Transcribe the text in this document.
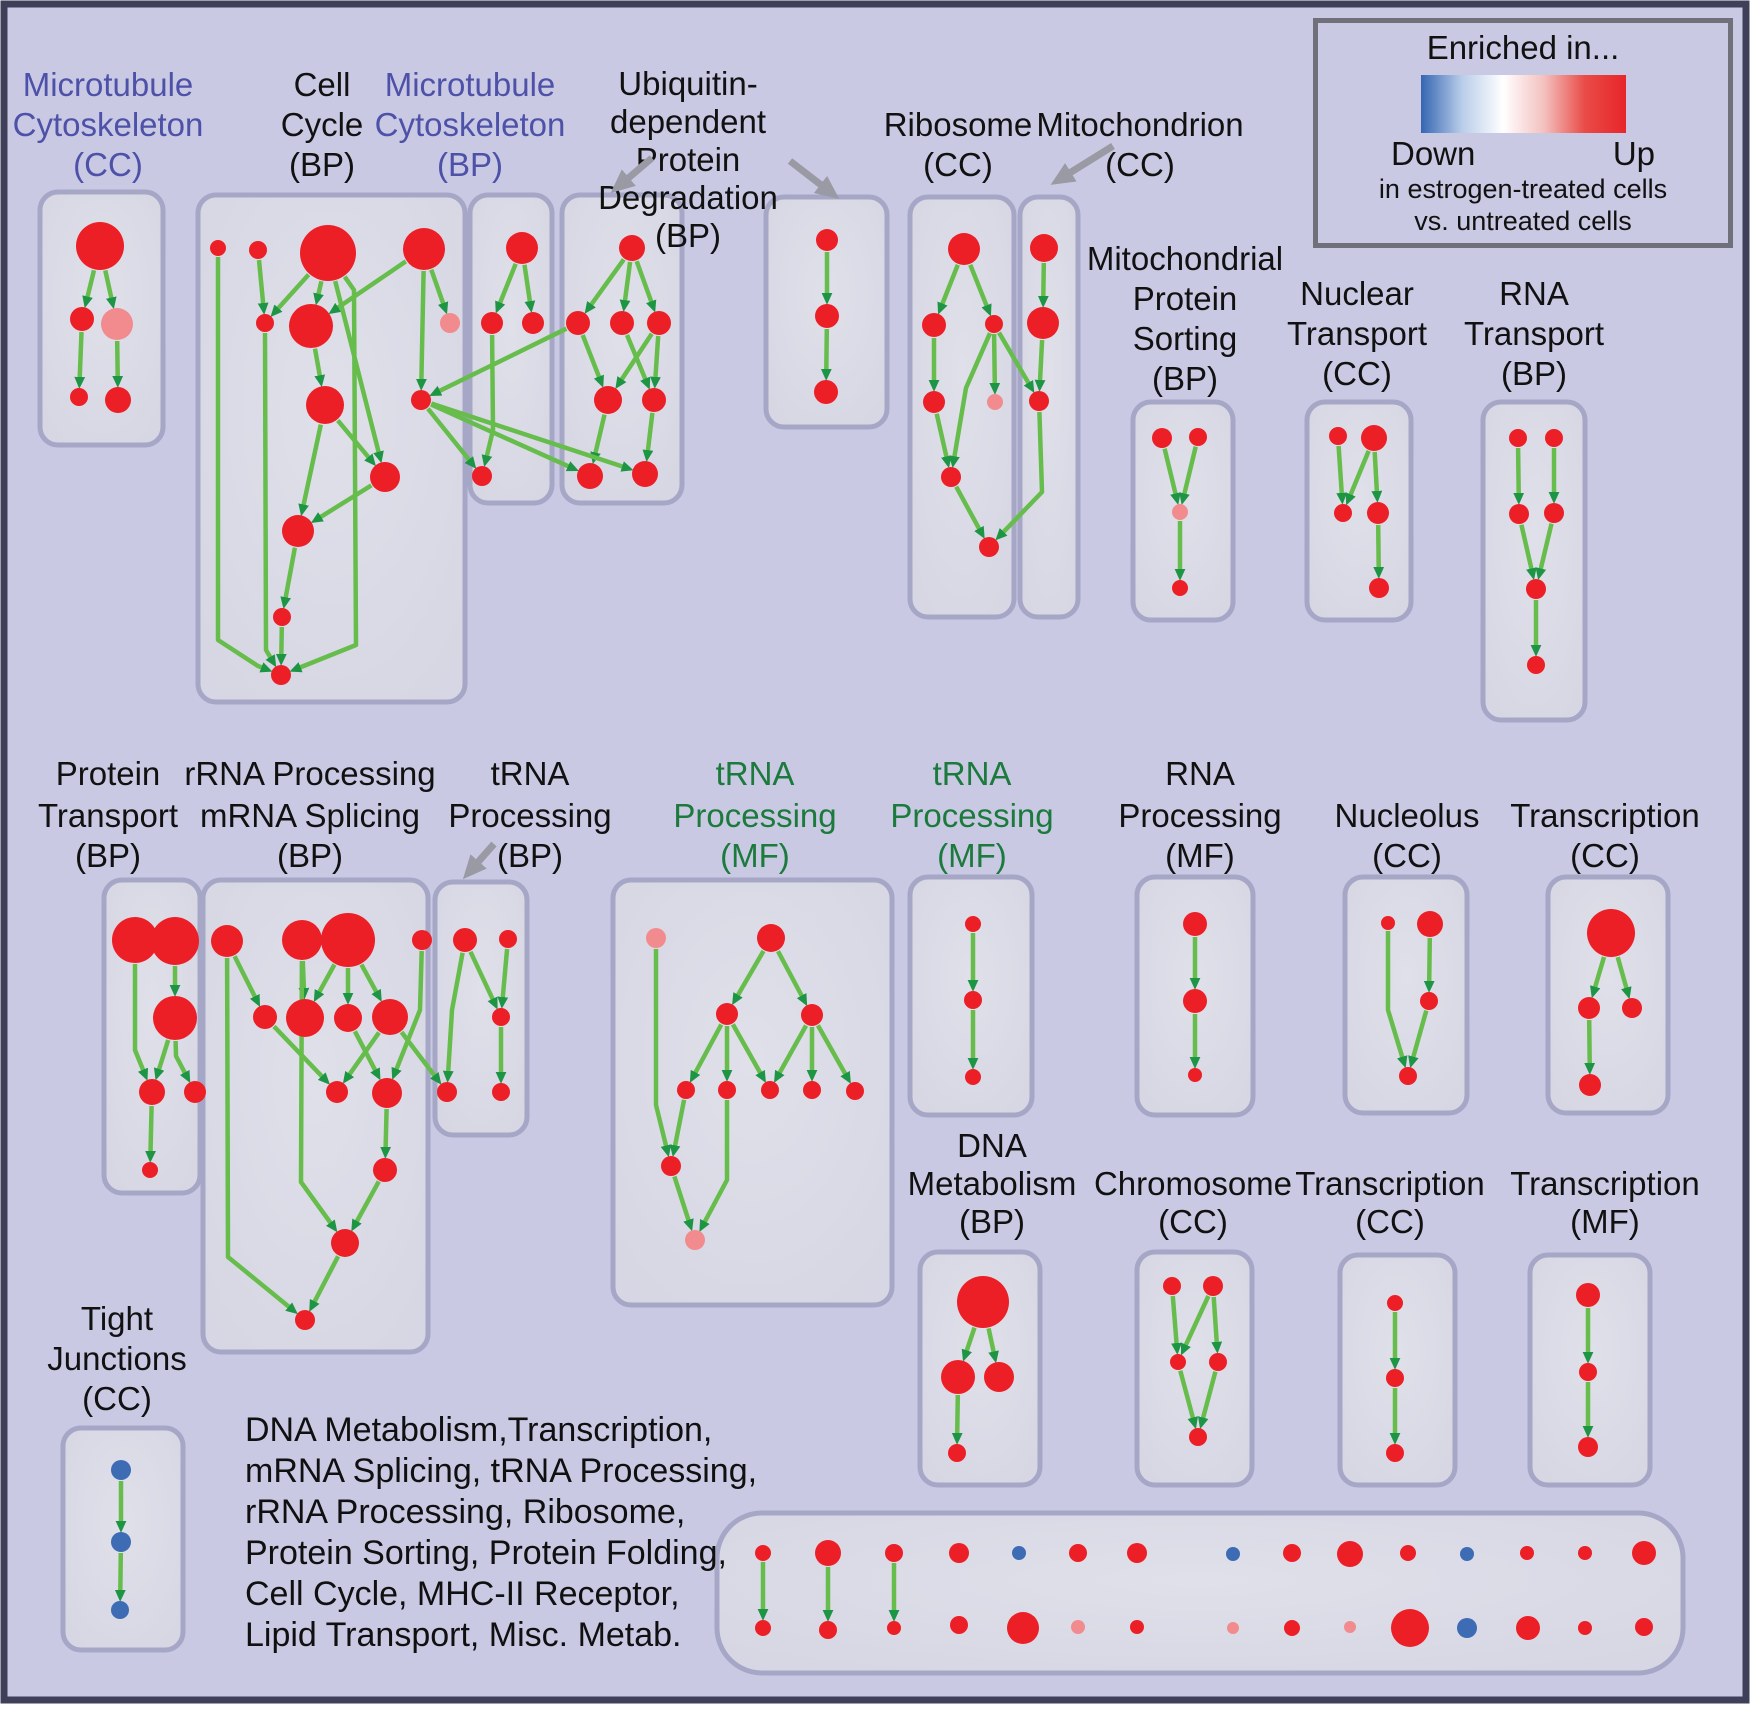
Microtubule
Cytoskeleton
(CC)
Cell
Cycle
(BP)
Microtubule
Cytoskeleton
(BP)
Ubiquitin-
dependent
Protein
Degradation
(BP)
Ribosome
(CC)
Mitochondrion
(CC)
Mitochondrial
Protein
Sorting
(BP)
Nuclear
Transport
(CC)
RNA
Transport
(BP)
Protein
Transport
(BP)
rRNA Processing
mRNA Splicing
(BP)
tRNA
Processing
(BP)
tRNA
Processing
(MF)
tRNA
Processing
(MF)
RNA
Processing
(MF)
Nucleolus
(CC)
Transcription
(CC)
DNA
Metabolism
(BP)
Chromosome
(CC)
Transcription
(CC)
Transcription
(MF)
Tight
Junctions
(CC)
Enriched in...
Down	Up
in estrogen-treated cells
vs. untreated cells
DNA Metabolism,Transcription,
mRNA Splicing, tRNA Processing,
rRNA Processing, Ribosome,
Protein Sorting, Protein Folding,
Cell Cycle, MHC-II Receptor,
Lipid Transport, Misc. Metab.
